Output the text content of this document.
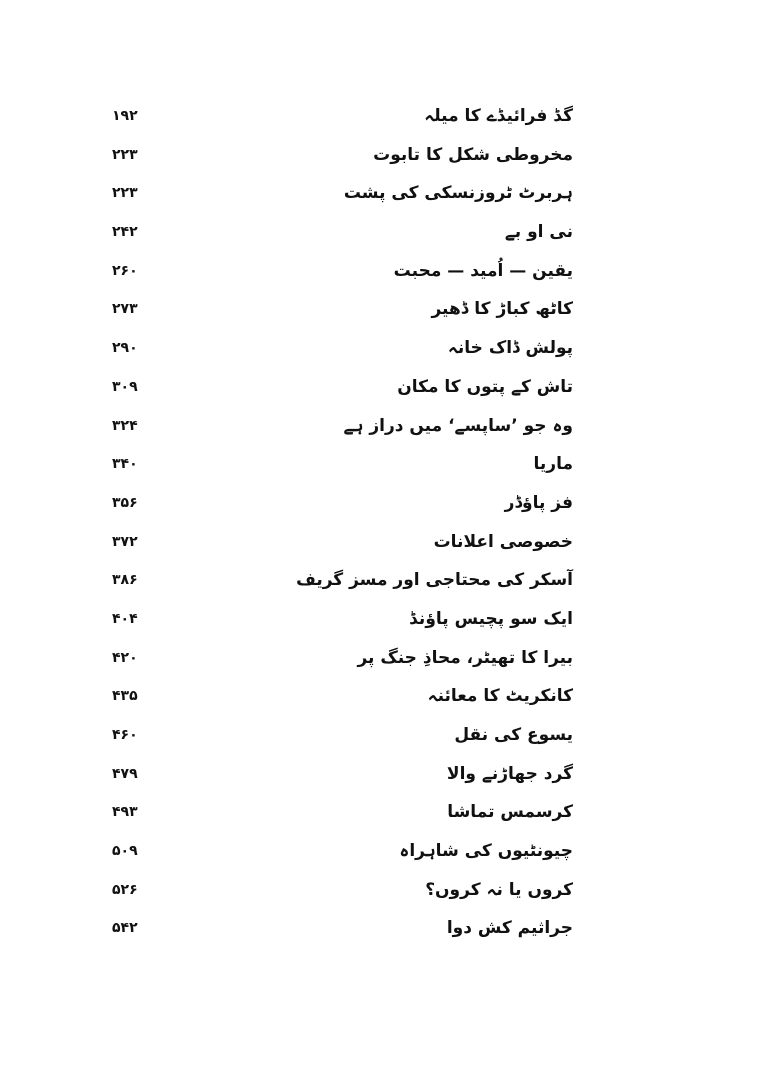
گڈ فرائیڈے کا میلہ
۱۹۲
مخروطی شکل کا تابوت
۲۲۳
ہربرٹ ٹروزنسکی کی پشت
۲۲۳
نی او بے
۲۴۲
یقین — اُمید — محبت
۲۶۰
کاٹھ کباڑ کا ڈھیر
۲۷۳
پولش ڈاک خانہ
۲۹۰
تاش کے پتوں کا مکان
۳۰۹
وہ جو ’ساپسے‘ میں دراز ہے
۳۲۴
ماریا
۳۴۰
فز پاؤڈر
۳۵۶
خصوصی اعلانات
۳۷۲
آسکر کی محتاجی اور مسز گریف
۳۸۶
ایک سو پچیس پاؤنڈ
۴۰۴
بیرا کا تھیٹر، محاذِ جنگ پر
۴۲۰
کانکریٹ کا معائنہ
۴۳۵
یسوع کی نقل
۴۶۰
گرد جھاڑنے والا
۴۷۹
کرسمس تماشا
۴۹۳
چیونٹیوں کی شاہراہ
۵۰۹
کروں یا نہ کروں؟
۵۲۶
جراثیم کش دوا
۵۴۲
